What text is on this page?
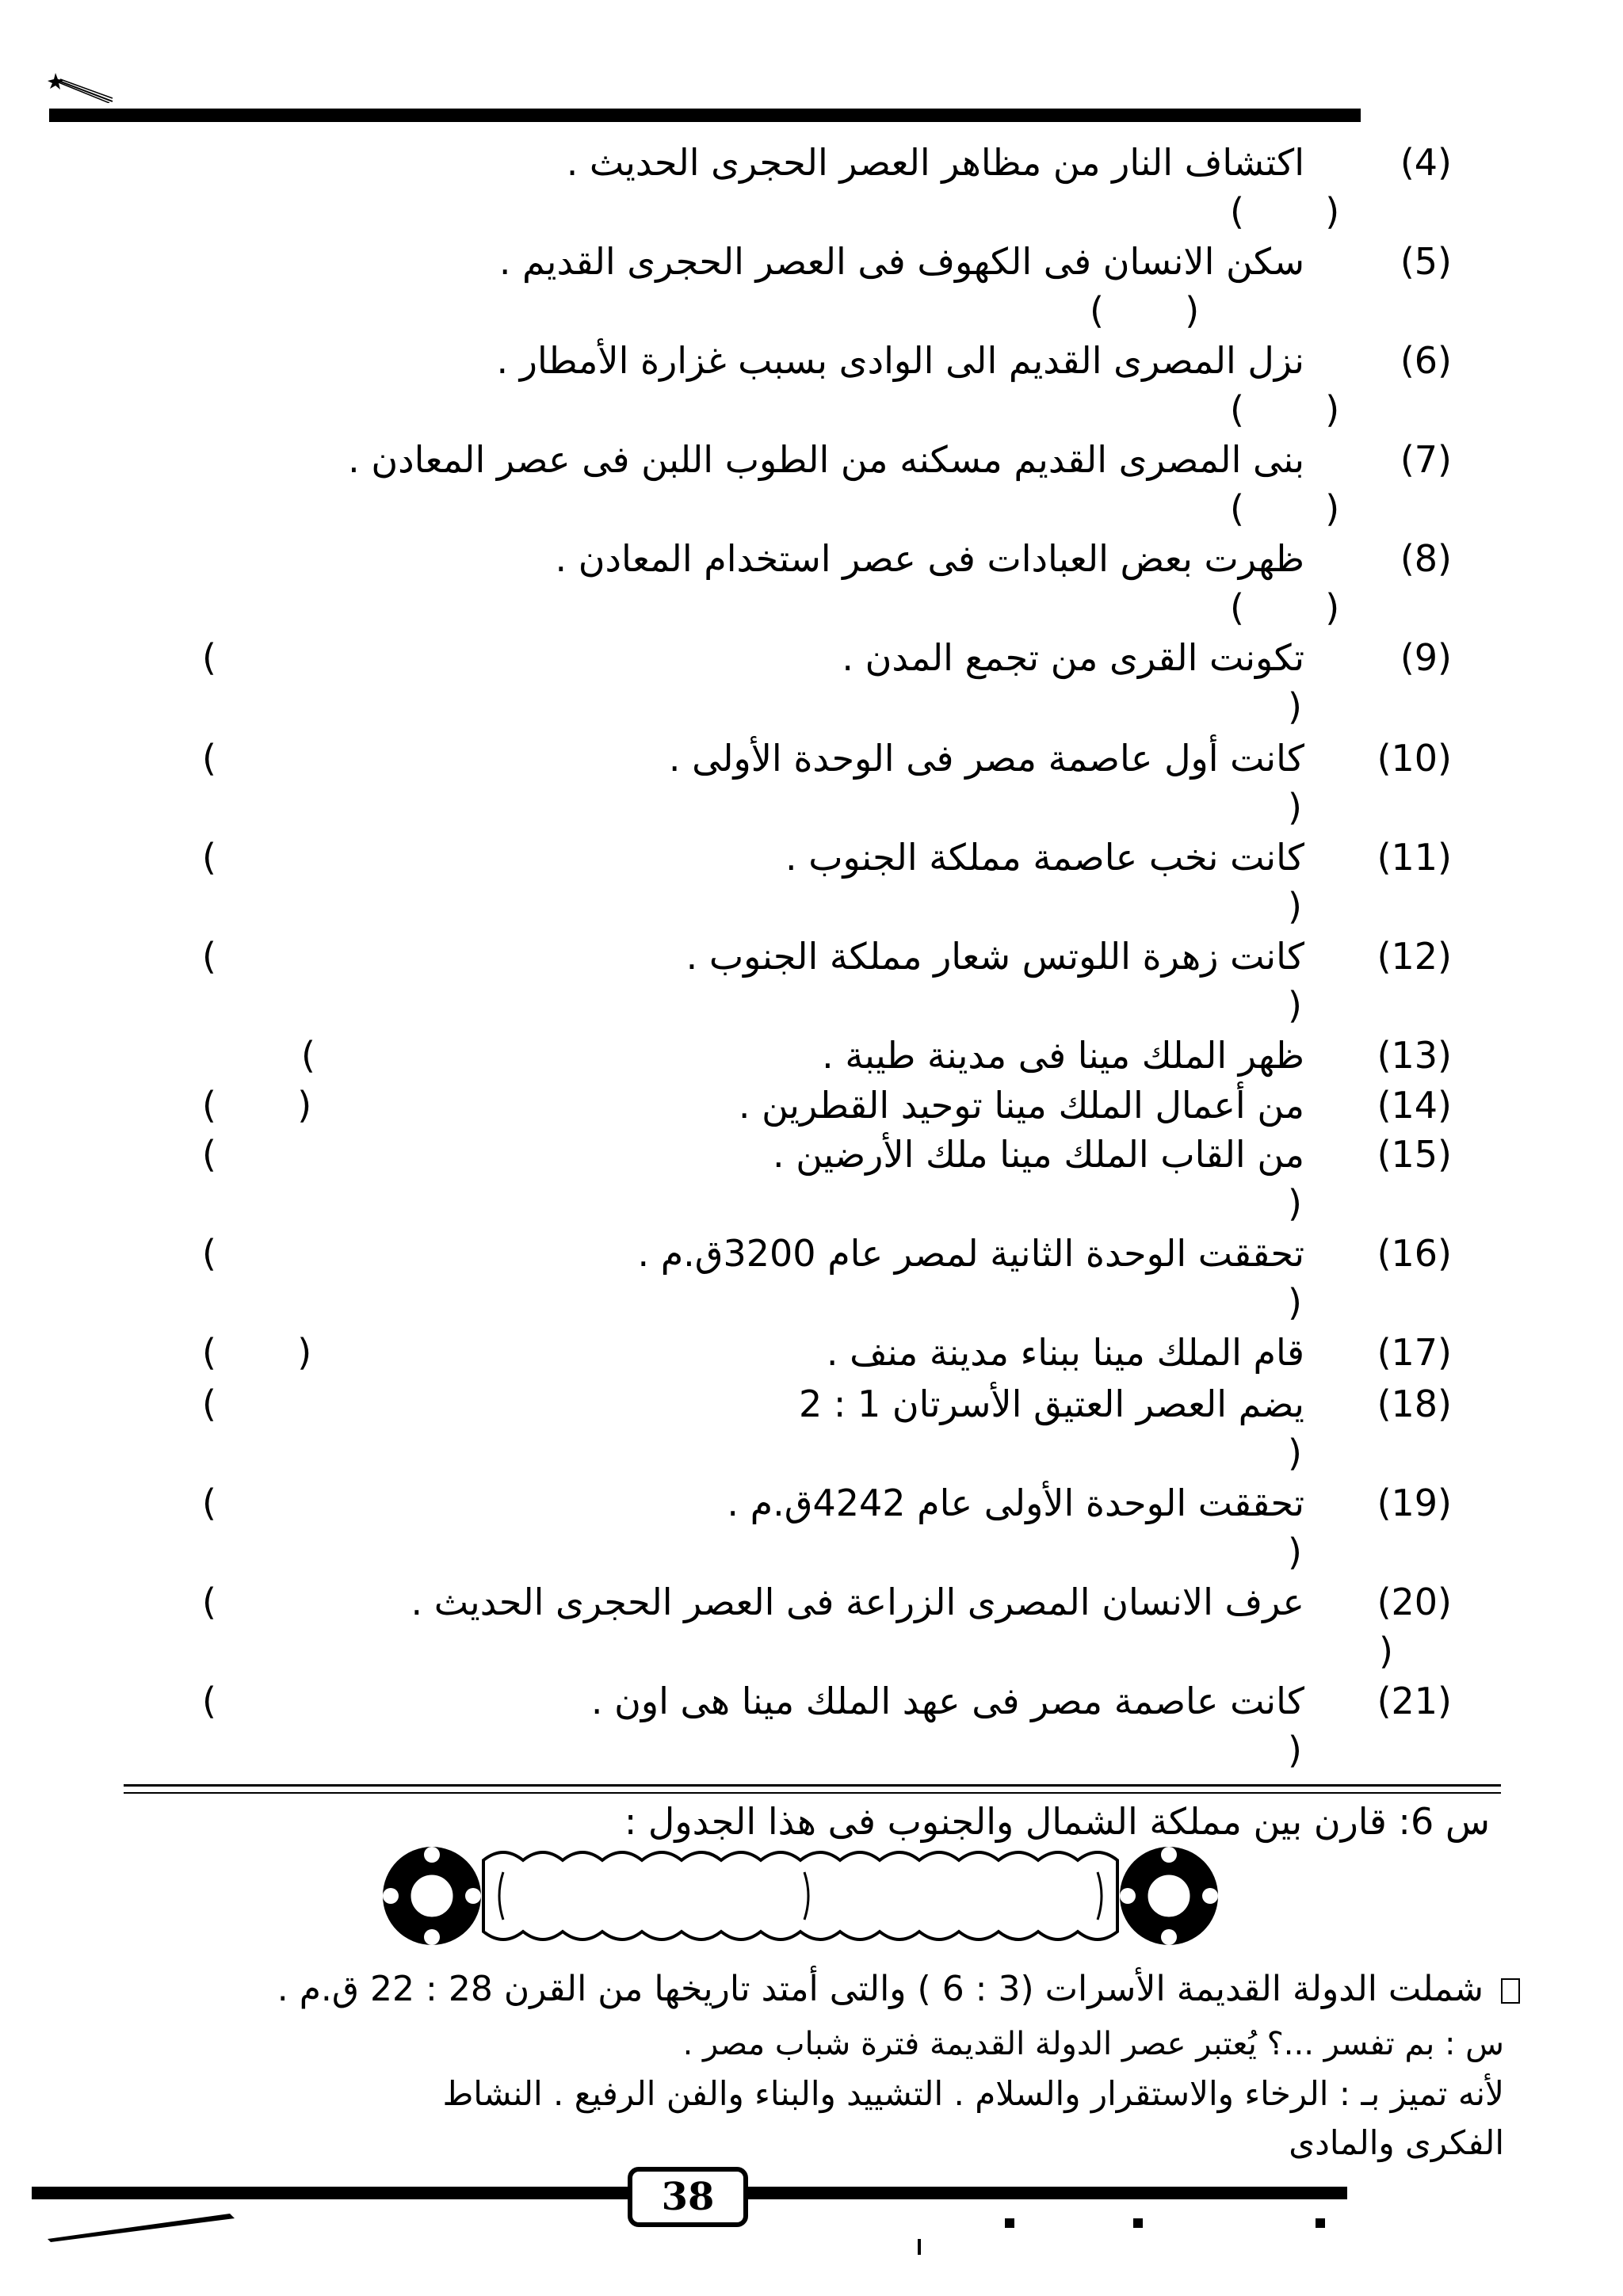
(4)
اكتشاف النار من مظاهر العصر الحجرى الحديث .
(       )
(5)
سكن الانسان فى الكهوف فى العصر الحجرى القديم .
(       )
(6)
نزل المصرى القديم الى الوادى بسبب غزارة الأمطار .
(       )
(7)
بنى المصرى القديم مسكنه من الطوب اللبن فى عصر المعادن .
(       )
(8)
ظهرت بعض العبادات فى عصر استخدام المعادن .
(       )
(9)
تكونت القرى من تجمع المدن .
(
)
(10)
كانت أول عاصمة مصر فى الوحدة الأولى .
(
)
(11)
كانت نخب عاصمة مملكة الجنوب .
(
)
(12)
كانت زهرة اللوتس شعار مملكة الجنوب .
(
)
(13)
ظهر الملك مينا فى مدينة طيبة .
(
(14)
من أعمال الملك مينا توحيد القطرين .
(       )
(15)
من القاب الملك مينا ملك الأرضين .
(
)
(16)
تحققت الوحدة الثانية لمصر عام 3200ق.م .
(
)
(17)
قام الملك مينا ببناء مدينة منف .
(       )
(18)
يضم العصر العتيق الأسرتان 1 : 2
(
)
(19)
تحققت الوحدة الأولى عام 4242ق.م .
(
)
(20)
عرف الانسان المصرى الزراعة فى العصر الحجرى الحديث .
(
)
(21)
كانت عاصمة مصر فى عهد الملك مينا هى اون .
(
)
س 6: قارن بين مملكة الشمال والجنوب فى هذا الجدول :
شملت الدولة القديمة الأسرات (3 : 6 ) والتى أمتد تاريخها من القرن 28 : 22 ق.م .
س : بم تفسر ...؟ يُعتبر عصر الدولة القديمة فترة شباب مصر .
لأنه تميز بـ : الرخاء والاستقرار والسلام . التشييد والبناء والفن الرفيع . النشاط
الفكرى والمادى
38
